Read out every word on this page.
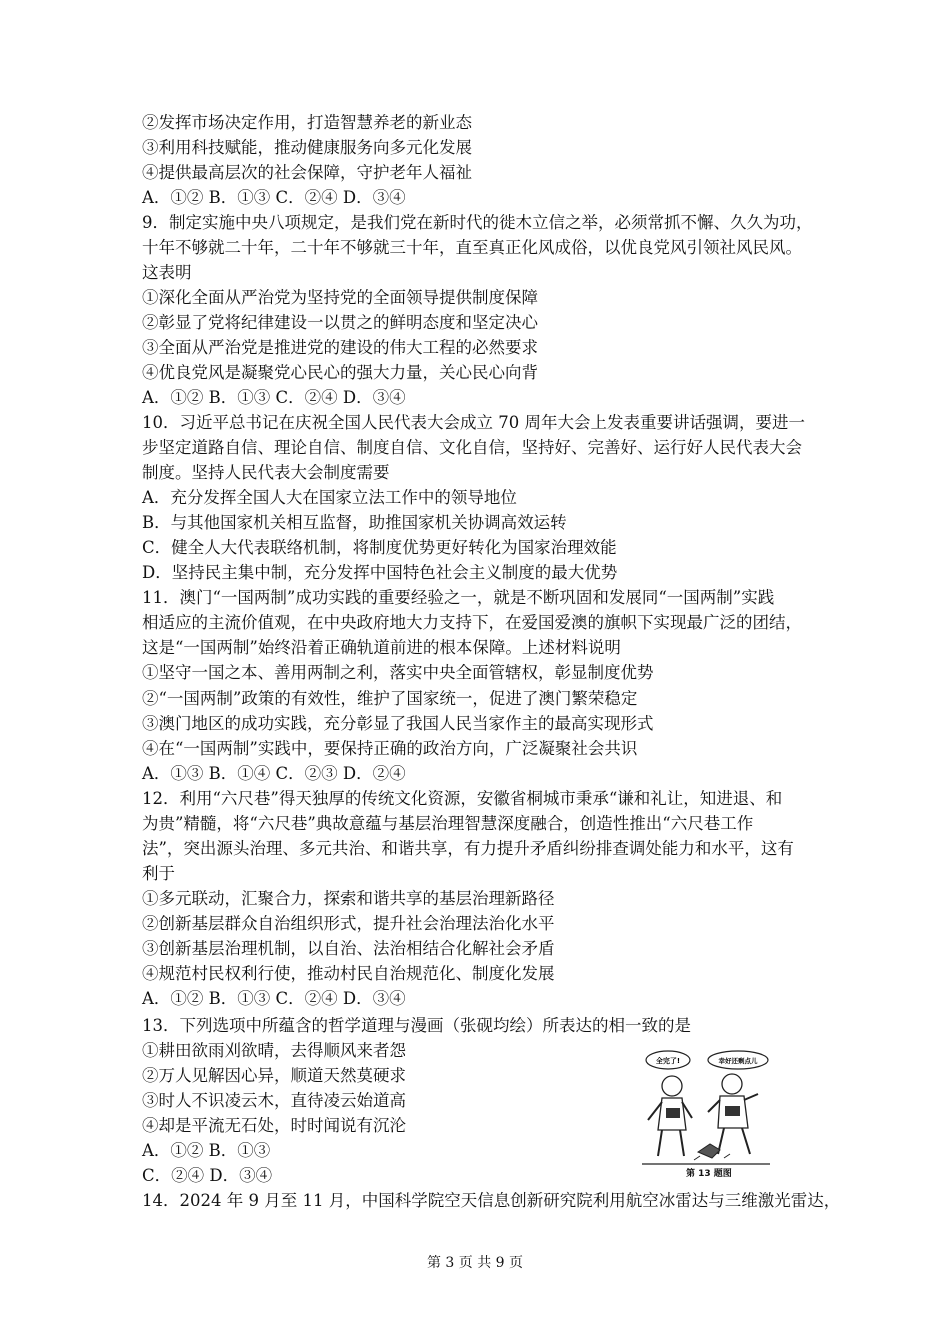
②发挥市场决定作用，打造智慧养老的新业态
③利用科技赋能，推动健康服务向多元化发展
④提供最高层次的社会保障，守护老年人福祉
A．①② B．①③ C．②④ D．③④
9．制定实施中央八项规定，是我们党在新时代的徙木立信之举，必须常抓不懈、久久为功，
十年不够就二十年，二十年不够就三十年，直至真正化风成俗，以优良党风引领社风民风。
这表明
①深化全面从严治党为坚持党的全面领导提供制度保障
②彰显了党将纪律建设一以贯之的鲜明态度和坚定决心
③全面从严治党是推进党的建设的伟大工程的必然要求
④优良党风是凝聚党心民心的强大力量，关心民心向背
A．①② B．①③ C．②④ D．③④
10．习近平总书记在庆祝全国人民代表大会成立 70 周年大会上发表重要讲话强调，要进一
步坚定道路自信、理论自信、制度自信、文化自信，坚持好、完善好、运行好人民代表大会
制度。坚持人民代表大会制度需要
A．充分发挥全国人大在国家立法工作中的领导地位
B．与其他国家机关相互监督，助推国家机关协调高效运转
C．健全人大代表联络机制，将制度优势更好转化为国家治理效能
D．坚持民主集中制，充分发挥中国特色社会主义制度的最大优势
11．澳门“一国两制”成功实践的重要经验之一，就是不断巩固和发展同“一国两制”实践
相适应的主流价值观，在中央政府地大力支持下，在爱国爱澳的旗帜下实现最广泛的团结，
这是“一国两制”始终沿着正确轨道前进的根本保障。上述材料说明
①坚守一国之本、善用两制之利，落实中央全面管辖权，彰显制度优势
②“一国两制”政策的有效性，维护了国家统一，促进了澳门繁荣稳定
③澳门地区的成功实践，充分彰显了我国人民当家作主的最高实现形式
④在“一国两制”实践中，要保持正确的政治方向，广泛凝聚社会共识
A．①③ B．①④ C．②③ D．②④
12．利用“六尺巷”得天独厚的传统文化资源，安徽省桐城市秉承“谦和礼让，知进退、和
为贵”精髓，将“六尺巷”典故意蕴与基层治理智慧深度融合，创造性推出“六尺巷工作
法”，突出源头治理、多元共治、和谐共享，有力提升矛盾纠纷排查调处能力和水平，这有
利于
①多元联动，汇聚合力，探索和谐共享的基层治理新路径
②创新基层群众自治组织形式，提升社会治理法治化水平
③创新基层治理机制，以自治、法治相结合化解社会矛盾
④规范村民权利行使，推动村民自治规范化、制度化发展
A．①② B．①③ C．②④ D．③④
13．下列选项中所蕴含的哲学道理与漫画（张砚均绘）所表达的相一致的是
①耕田欲雨刈欲晴，去得顺风来者怨
②万人见解因心异，顺道天然莫硬求
③时人不识凌云木，直待凌云始道高
④却是平流无石处，时时闻说有沉沦
A．①② B．①③
C．②④ D．③④
14．2024 年 9 月至 11 月，中国科学院空天信息创新研究院利用航空冰雷达与三维激光雷达，
全完了!	幸好还剩点儿
第 13 题图
第 3 页 共 9 页
